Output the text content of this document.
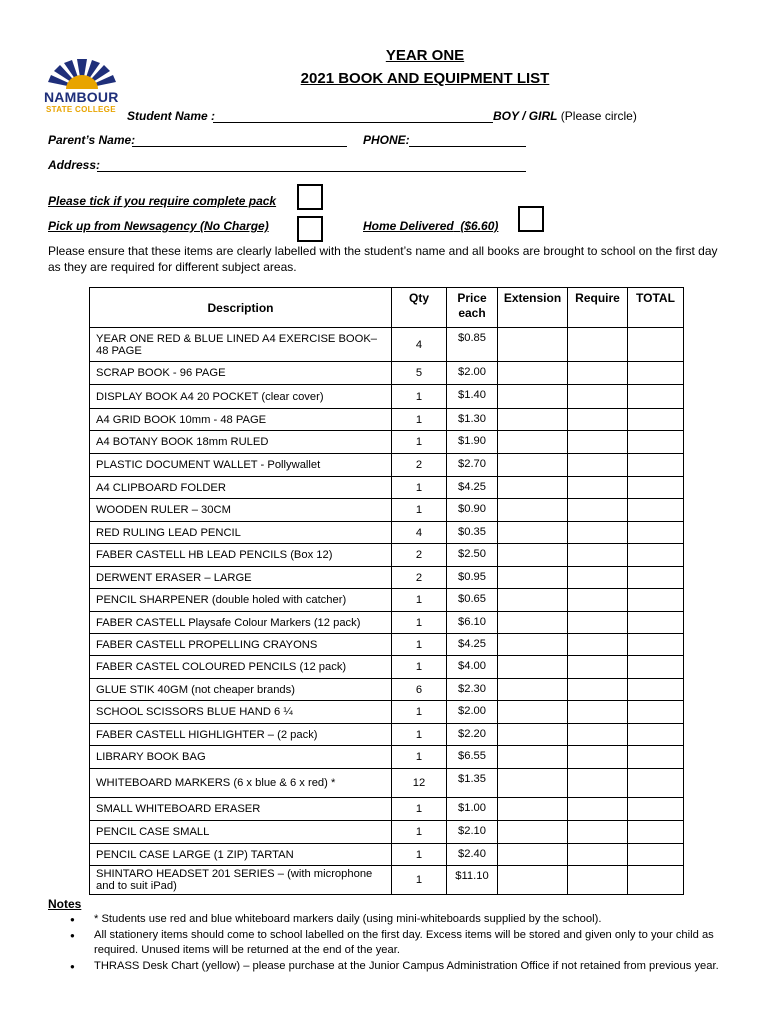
NAMBOUR
STATE COLLEGE
YEAR ONE
2021 BOOK AND EQUIPMENT LIST
Student Name :	BOY / GIRL (Please circle)
Parent’s Name:	PHONE:
Address:
Please tick if you require complete pack
Pick up from Newsagency (No Charge)	Home Delivered ($6.60)
Please ensure that these items are clearly labelled with the student’s name and all books are brought to school on the first day as they are required for different subject areas.
Description	Qty	Price each	Extension	Require	TOTAL
YEAR ONE RED & BLUE LINED A4 EXERCISE BOOK– 48 PAGE	4	$0.85			
SCRAP BOOK - 96 PAGE	5	$2.00			
DISPLAY BOOK A4 20 POCKET (clear cover)	1	$1.40			
A4 GRID BOOK 10mm - 48 PAGE	1	$1.30			
A4 BOTANY BOOK 18mm RULED	1	$1.90			
PLASTIC DOCUMENT WALLET - Pollywallet	2	$2.70			
A4 CLIPBOARD FOLDER	1	$4.25			
WOODEN RULER – 30CM	1	$0.90			
RED RULING LEAD PENCIL	4	$0.35			
FABER CASTELL HB LEAD PENCILS (Box 12)	2	$2.50			
DERWENT ERASER – LARGE	2	$0.95			
PENCIL SHARPENER (double holed with catcher)	1	$0.65			
FABER CASTELL Playsafe Colour Markers (12 pack)	1	$6.10			
FABER CASTELL PROPELLING CRAYONS	1	$4.25			
FABER CASTEL COLOURED PENCILS (12 pack)	1	$4.00			
GLUE STIK 40GM (not cheaper brands)	6	$2.30			
SCHOOL SCISSORS BLUE HAND 6 ¼	1	$2.00			
FABER CASTELL HIGHLIGHTER – (2 pack)	1	$2.20			
LIBRARY BOOK BAG	1	$6.55			
WHITEBOARD MARKERS (6 x blue & 6 x red) *	12	$1.35			
SMALL WHITEBOARD ERASER	1	$1.00			
PENCIL CASE SMALL	1	$2.10			
PENCIL CASE LARGE (1 ZIP) TARTAN	1	$2.40			
SHINTARO HEADSET 201 SERIES – (with microphone and to suit iPad)	1	$11.10			
Notes
● * Students use red and blue whiteboard markers daily (using mini-whiteboards supplied by the school).
● All stationery items should come to school labelled on the first day. Excess items will be stored and given only to your child as required. Unused items will be returned at the end of the year.
● THRASS Desk Chart (yellow) – please purchase at the Junior Campus Administration Office if not retained from previous year.
